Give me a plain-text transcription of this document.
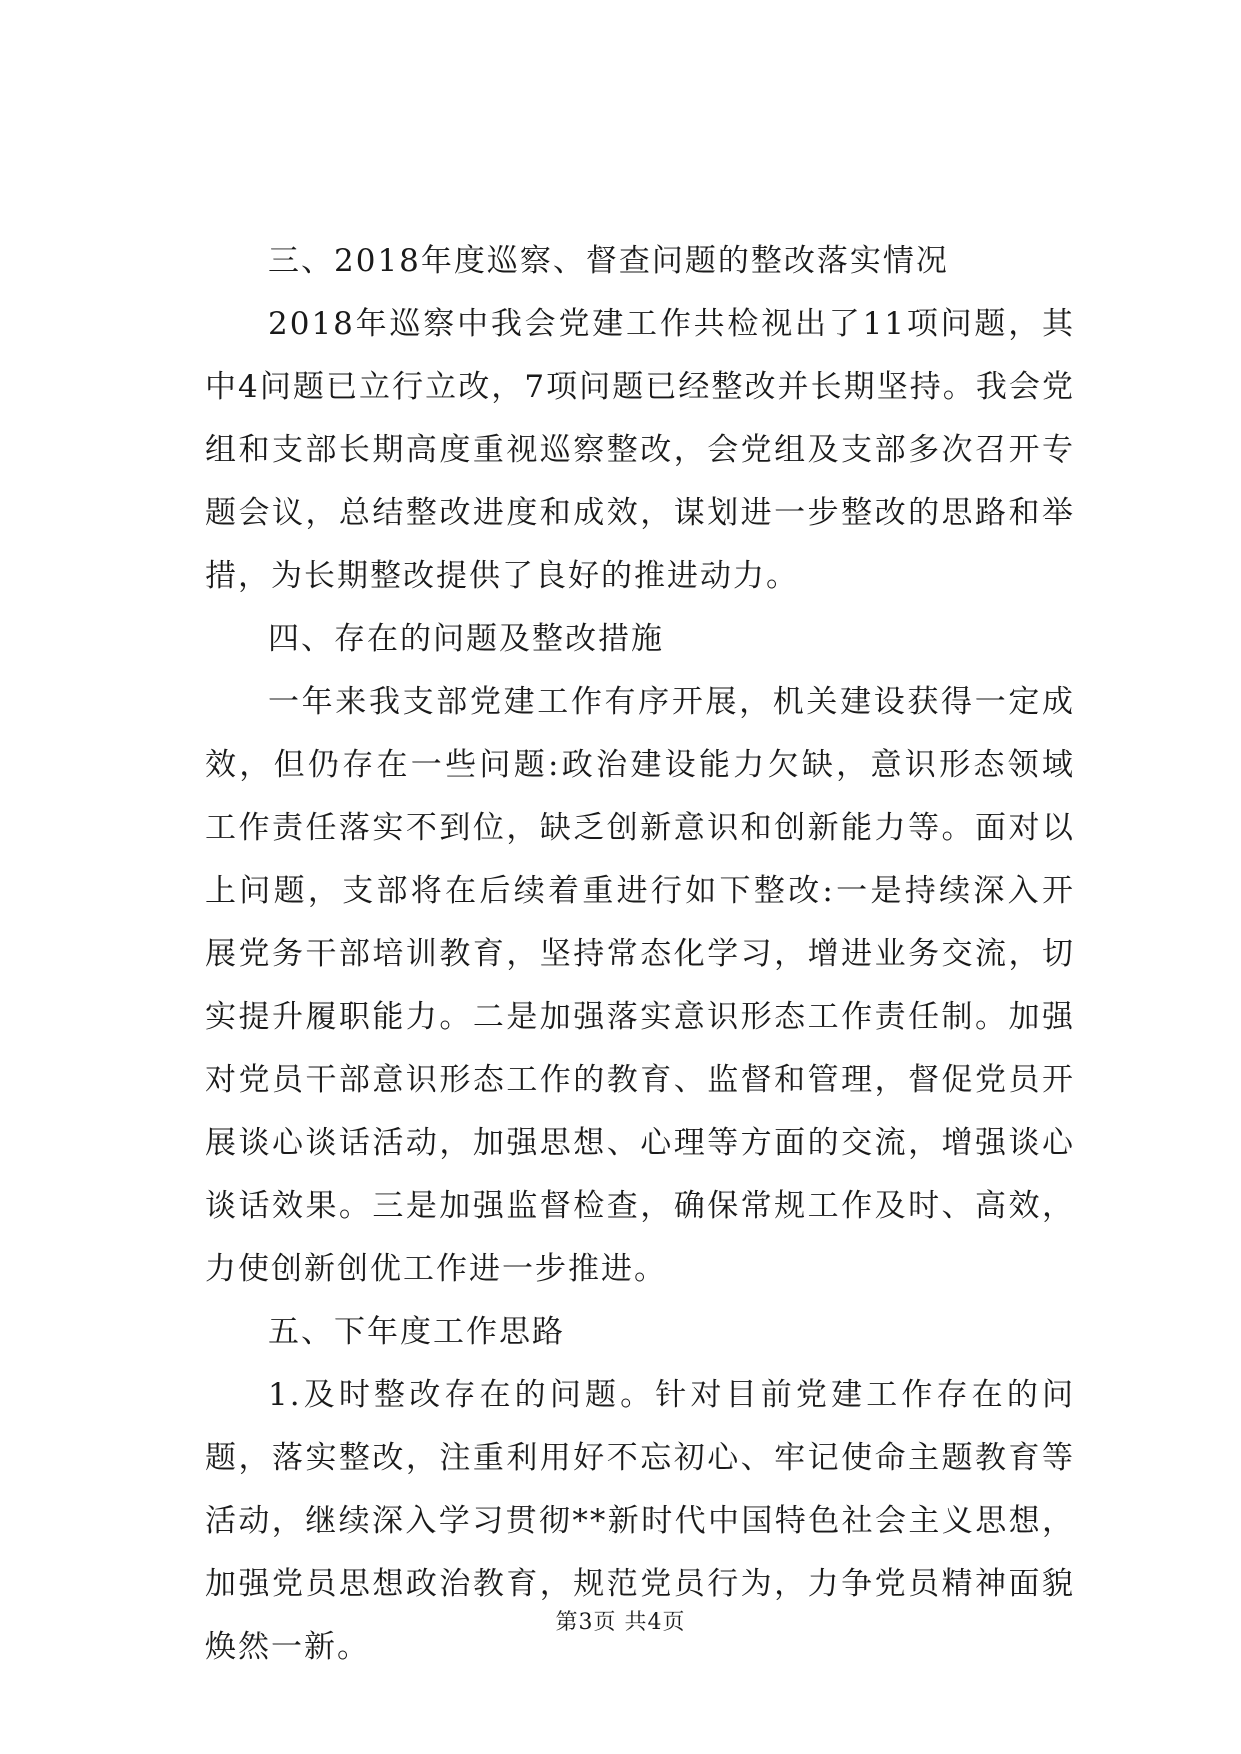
三、2018年度巡察、督查问题的整改落实情况

2018年巡察中我会党建工作共检视出了11项问题，其中4问题已立行立改，7项问题已经整改并长期坚持。我会党组和支部长期高度重视巡察整改，会党组及支部多次召开专题会议，总结整改进度和成效，谋划进一步整改的思路和举措，为长期整改提供了良好的推进动力。

四、存在的问题及整改措施

一年来我支部党建工作有序开展，机关建设获得一定成效，但仍存在一些问题:政治建设能力欠缺，意识形态领域工作责任落实不到位，缺乏创新意识和创新能力等。面对以上问题，支部将在后续着重进行如下整改:一是持续深入开展党务干部培训教育，坚持常态化学习，增进业务交流，切实提升履职能力。二是加强落实意识形态工作责任制。加强对党员干部意识形态工作的教育、监督和管理，督促党员开展谈心谈话活动，加强思想、心理等方面的交流，增强谈心谈话效果。三是加强监督检查，确保常规工作及时、高效，力使创新创优工作进一步推进。

五、下年度工作思路

1.及时整改存在的问题。针对目前党建工作存在的问题，落实整改，注重利用好不忘初心、牢记使命主题教育等活动，继续深入学习贯彻**新时代中国特色社会主义思想，加强党员思想政治教育，规范党员行为，力争党员精神面貌焕然一新。

第3页 共4页
